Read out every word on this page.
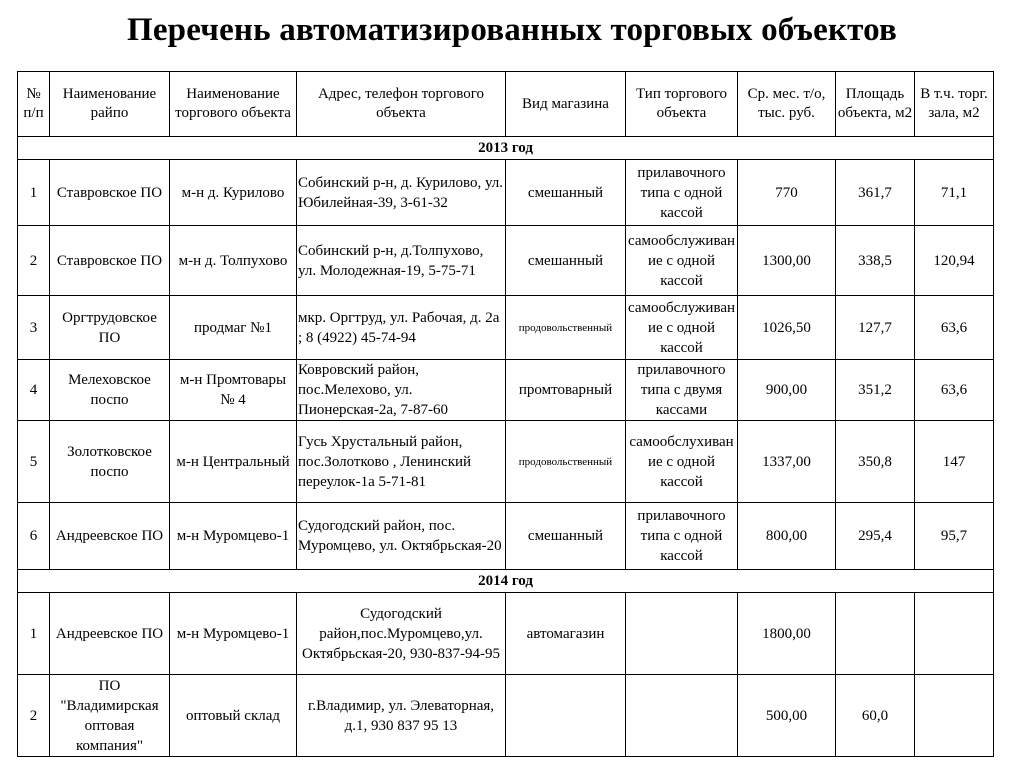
Перечень автоматизированных торговых объектов
№ п/п	Наименование райпо	Наименование торгового объекта	Адрес, телефон торгового объекта	Вид магазина	Тип торгового объекта	Ср. мес. т/о, тыс. руб.	Площадь объекта, м2	В т.ч. торг. зала, м2
2013 год								
1	Ставровское ПО	м-н д. Курилово	Собинский р-н, д. Курилово, ул. Юбилейная-39, 3-61-32	смешанный	прилавочного типа с одной кассой	770	361,7	71,1
2	Ставровское ПО	м-н д. Толпухово	Собинский р-н, д.Толпухово, ул. Молодежная-19, 5-75-71	смешанный	самообслуживание с одной кассой	1300,00	338,5	120,94
3	Оргтрудовское ПО	продмаг №1	мкр. Оргтруд, ул. Рабочая, д. 2а ; 8 (4922) 45-74-94	продовольственный	самообслуживание с одной кассой	1026,50	127,7	63,6
4	Мелеховское поспо	м-н Промтовары № 4	Ковровский район, пос.Мелехово, ул. Пионерская-2а, 7-87-60	промтоварный	прилавочного типа с двумя кассами	900,00	351,2	63,6
5	Золотковское поспо	м-н Центральный	Гусь Хрустальный район, пос.Золотково , Ленинский переулок-1а 5-71-81	продовольственный	самообслухивание с одной кассой	1337,00	350,8	147
6	Андреевское ПО	м-н Муромцево-1	Судогодский район, пос. Муромцево, ул. Октябрьская-20	смешанный	прилавочного типа с одной кассой	800,00	295,4	95,7
2014 год								
1	Андреевское ПО	м-н Муромцево-1	Судогодский район,пос.Муромцево,ул. Октябрьская-20, 930-837-94-95	автомагазин		1800,00		
2	ПО "Владимирская оптовая компания"	оптовый склад	г.Владимир, ул. Элеваторная, д.1, 930 837 95 13			500,00	60,0	
